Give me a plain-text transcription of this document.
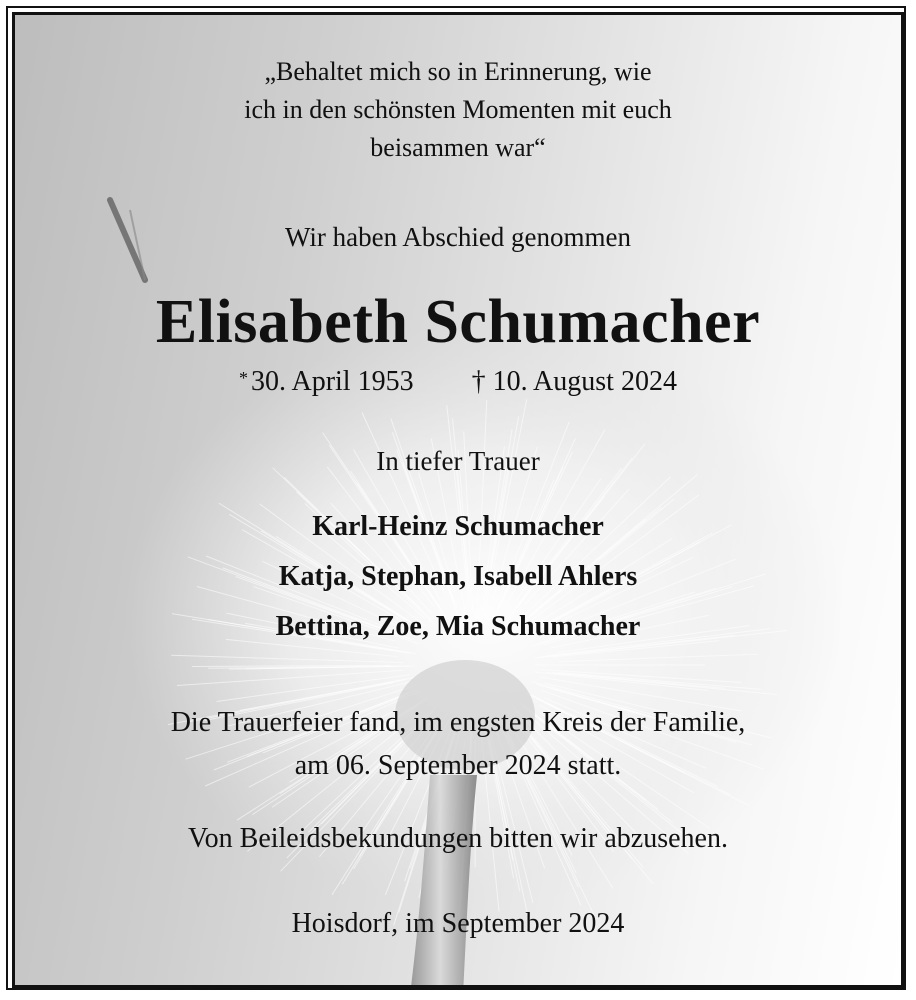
„Behaltet mich so in Erinnerung, wie
ich in den schönsten Momenten mit euch
beisammen war“
Wir haben Abschied genommen
Elisabeth Schumacher
* 30. April 1953 † 10. August 2024
In tiefer Trauer
Karl-Heinz Schumacher
Katja, Stephan, Isabell Ahlers
Bettina, Zoe, Mia Schumacher
Die Trauerfeier fand, im engsten Kreis der Familie,
am 06. September 2024 statt.
Von Beileidsbekundungen bitten wir abzusehen.
Hoisdorf, im September 2024
